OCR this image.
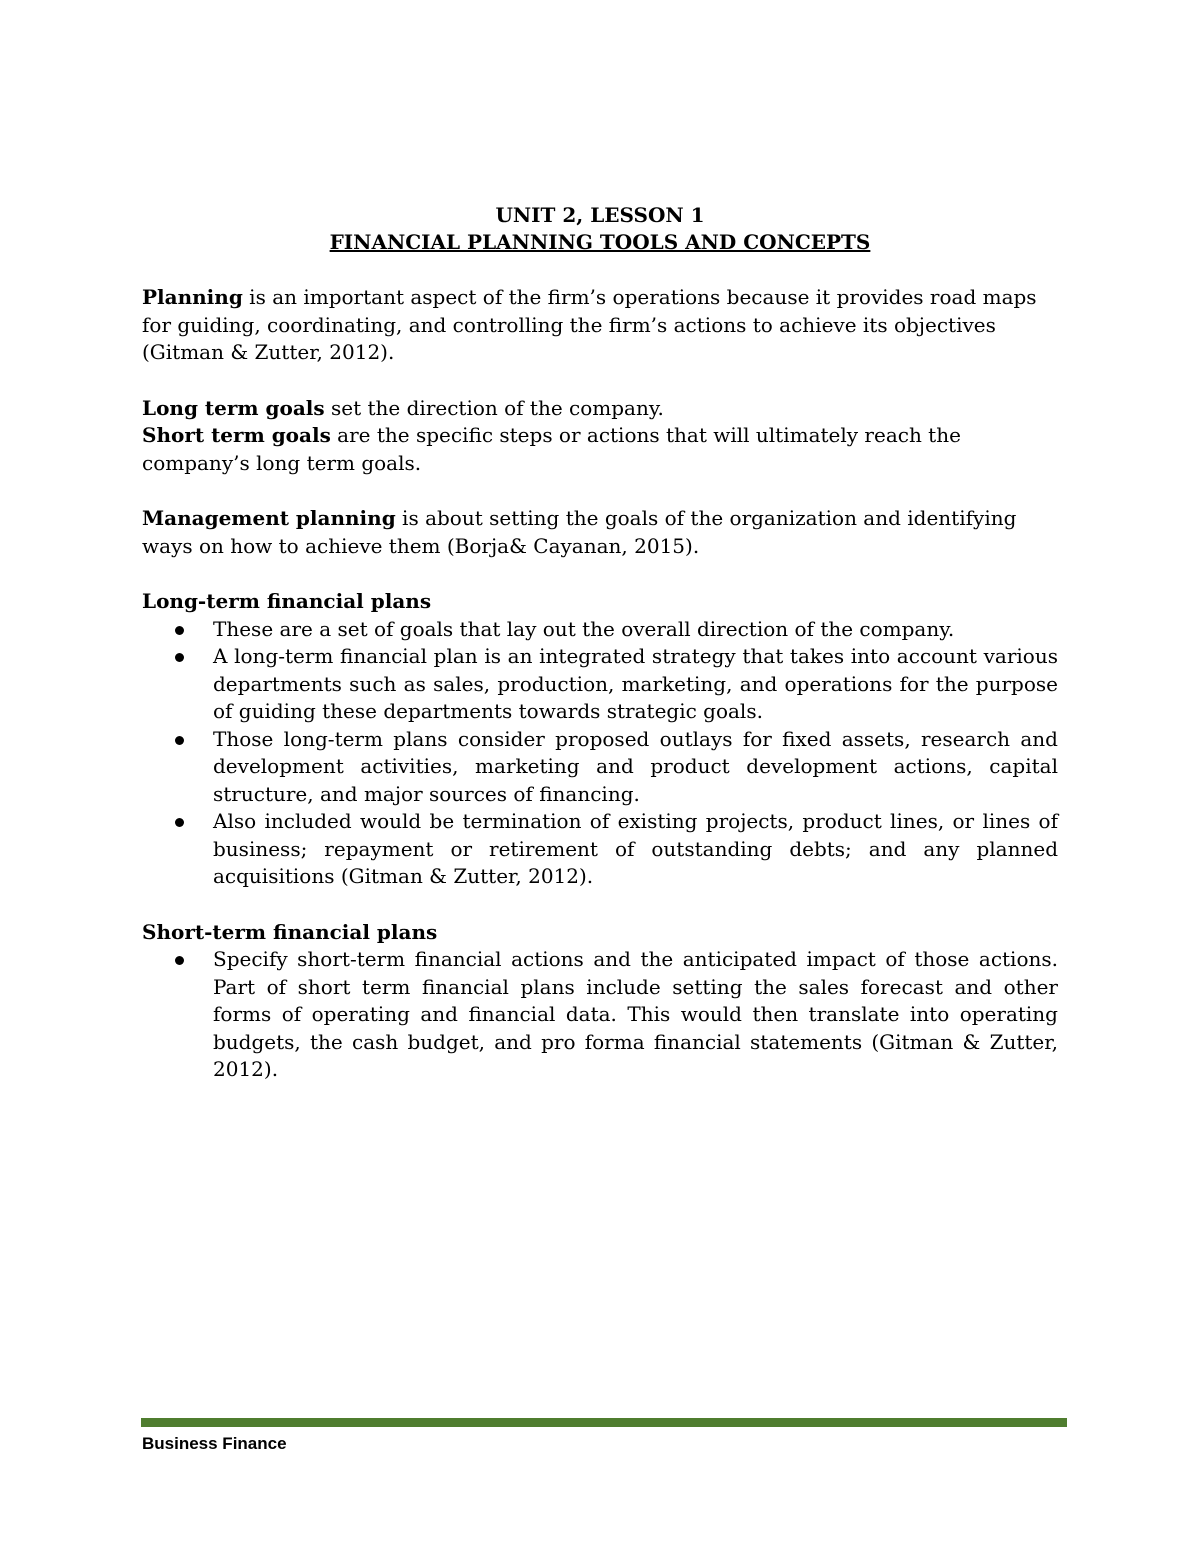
UNIT 2, LESSON 1
FINANCIAL PLANNING TOOLS AND CONCEPTS

Planning is an important aspect of the firm’s operations because it provides road maps for guiding, coordinating, and controlling the firm’s actions to achieve its objectives (Gitman & Zutter, 2012).

Long term goals set the direction of the company.

Short term goals are the specific steps or actions that will ultimately reach the company’s long term goals.

Management planning is about setting the goals of the organization and identifying ways on how to achieve them (Borja& Cayanan, 2015).

Long-term financial plans

These are a set of goals that lay out the overall direction of the company.
A long-term financial plan is an integrated strategy that takes into account various departments such as sales, production, marketing, and operations for the purpose of guiding these departments towards strategic goals.
Those long-term plans consider proposed outlays for fixed assets, research and development activities, marketing and product development actions, capital structure, and major sources of financing.
Also included would be termination of existing projects, product lines, or lines of business; repayment or retirement of outstanding debts; and any planned acquisitions (Gitman & Zutter, 2012).

Short-term financial plans

Specify short-term financial actions and the anticipated impact of those actions. Part of short term financial plans include setting the sales forecast and other forms of operating and financial data. This would then translate into operating budgets, the cash budget, and pro forma financial statements (Gitman & Zutter, 2012).
Business Finance
